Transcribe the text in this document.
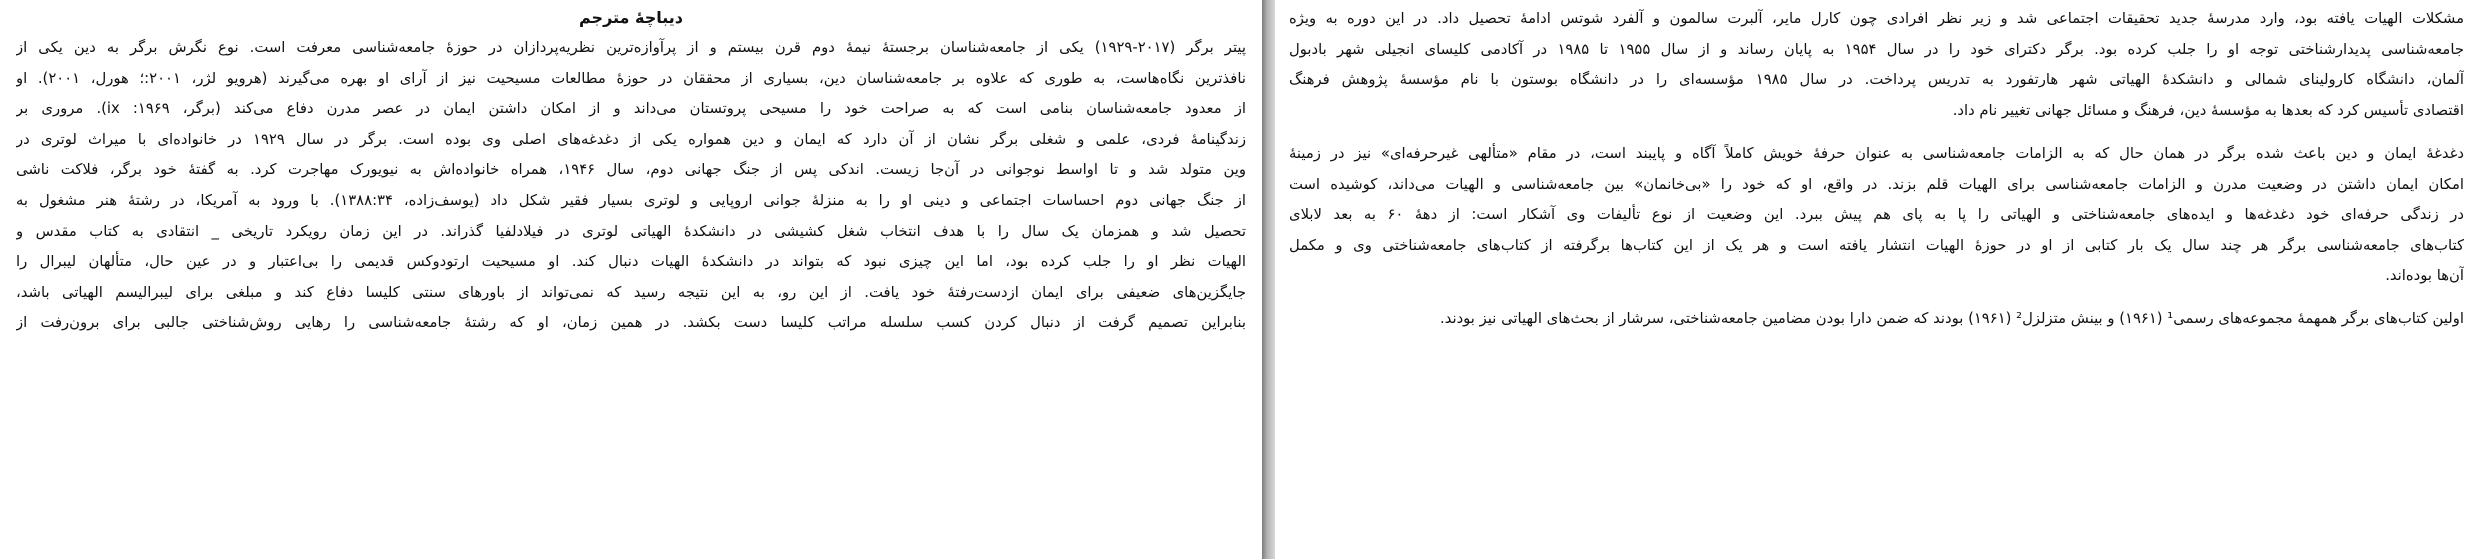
دیباچهٔ مترجم
پیتر برگر (۲۰۱۷-۱۹۲۹) یکی از جامعه‌شناسان برجستهٔ نیمهٔ دوم قرن بیستم و از پرآوازه‌ترین نظریه‌پردازان در حوزهٔ جامعه‌شناسی معرفت است. نوع نگرش برگر به دین یکی از
نافذترین نگاه‌هاست، به طوری که علاوه بر جامعه‌شناسان دین، بسیاری از محققان در حوزهٔ مطالعات مسیحیت نیز از آرای او بهره می‌گیرند (هرویو لژر، ۲۰۰۱:؛ هورل، ۲۰۰۱). او
از معدود جامعه‌شناسان بنامی است که به صراحت خود را مسیحی پروتستان می‌داند و از امکان داشتن ایمان در عصر مدرن دفاع می‌کند (برگر، ۱۹۶۹: ix). مروری بر
زندگینامهٔ فردی، علمی و شغلی برگر نشان از آن دارد که ایمان و دین همواره یکی از دغدغه‌های اصلی وی بوده است. برگر در سال ۱۹۲۹ در خانواده‌ای با میراث لوتری در
وین متولد شد و تا اواسط نوجوانی در آن‌جا زیست. اندکی پس از جنگ جهانی دوم، سال ۱۹۴۶، همراه خانواده‌اش به نیویورک مهاجرت کرد. به گفتهٔ خود برگر، فلاکت ناشی
از جنگ جهانی دوم احساسات اجتماعی و دینی او را به منزلهٔ جوانی اروپایی و لوتری بسیار فقیر شکل داد (یوسف‌زاده، ۱۳۸۸:۳۴). با ورود به آمریکا، در رشتهٔ هنر مشغول به
تحصیل شد و همزمان یک سال را با هدف انتخاب شغل کشیشی در دانشکدهٔ الهیاتی لوتری در فیلادلفیا گذراند. در این زمان رویکرد تاریخی _ انتقادی به کتاب مقدس و
الهیات نظر او را جلب کرده بود، اما این چیزی نبود که بتواند در دانشکدهٔ الهیات دنبال کند. او مسیحیت ارتودوکس قدیمی را بی‌اعتبار و در عین حال، متألهان لیبرال را
جایگزین‌های ضعیفی برای ایمان ازدست‌رفتهٔ خود یافت. از این رو، به این نتیجه رسید که نمی‌تواند از باورهای سنتی کلیسا دفاع کند و مبلغی برای لیبرالیسم الهیاتی باشد،
بنابراین تصمیم گرفت از دنبال کردن کسب سلسله مراتب کلیسا دست بکشد. در همین زمان، او که رشتهٔ جامعه‌شناسی را رهایی روش‌شناختی جالبی برای برون‌رفت از
مشکلات الهیات یافته بود، وارد مدرسهٔ جدید تحقیقات اجتماعی شد و زیر نظر افرادی چون کارل مایر، آلبرت سالمون و آلفرد شوتس ادامهٔ تحصیل داد. در این دوره به ویژه
جامعه‌شناسی پدیدارشناختی توجه او را جلب کرده بود. برگر دکترای خود را در سال ۱۹۵۴ به پایان رساند و از سال ۱۹۵۵ تا ۱۹۸۵ در آکادمی کلیسای انجیلی شهر بادبول
آلمان، دانشگاه کارولینای شمالی و دانشکدهٔ الهیاتی شهر هارتفورد به تدریس پرداخت. در سال ۱۹۸۵ مؤسسه‌ای را در دانشگاه بوستون با نام مؤسسهٔ پژوهش فرهنگ
اقتصادی تأسیس کرد که بعدها به مؤسسهٔ دین، فرهنگ و مسائل جهانی تغییر نام داد.
دغدغهٔ ایمان و دین باعث شده برگر در همان حال که به الزامات جامعه‌شناسی به عنوان حرفهٔ خویش کاملاً آگاه و پایبند است، در مقام «متألهی غیرحرفه‌ای» نیز در زمینهٔ
امکان ایمان داشتن در وضعیت مدرن و الزامات جامعه‌شناسی برای الهیات قلم بزند. در واقع، او که خود را «بی‌خانمان» بین جامعه‌شناسی و الهیات می‌داند، کوشیده است
در زندگی حرفه‌ای خود دغدغه‌ها و ایده‌های جامعه‌شناختی و الهیاتی را پا به پای هم پیش ببرد. این وضعیت از نوع تألیفات وی آشکار است: از دههٔ ۶۰ به بعد لابلای
کتاب‌های جامعه‌شناسی برگر هر چند سال یک بار کتابی از او در حوزهٔ الهیات انتشار یافته است و هر یک از این کتاب‌ها برگرفته از کتاب‌های جامعه‌شناختی وی و مکمل
آن‌ها بوده‌اند.
اولین کتاب‌های برگر همهمهٔ مجموعه‌های رسمی¹ (۱۹۶۱) و بینش متزلزل² (۱۹۶۱) بودند که ضمن دارا بودن مضامین جامعه‌شناختی، سرشار از بحث‌های الهیاتی نیز بودند.
